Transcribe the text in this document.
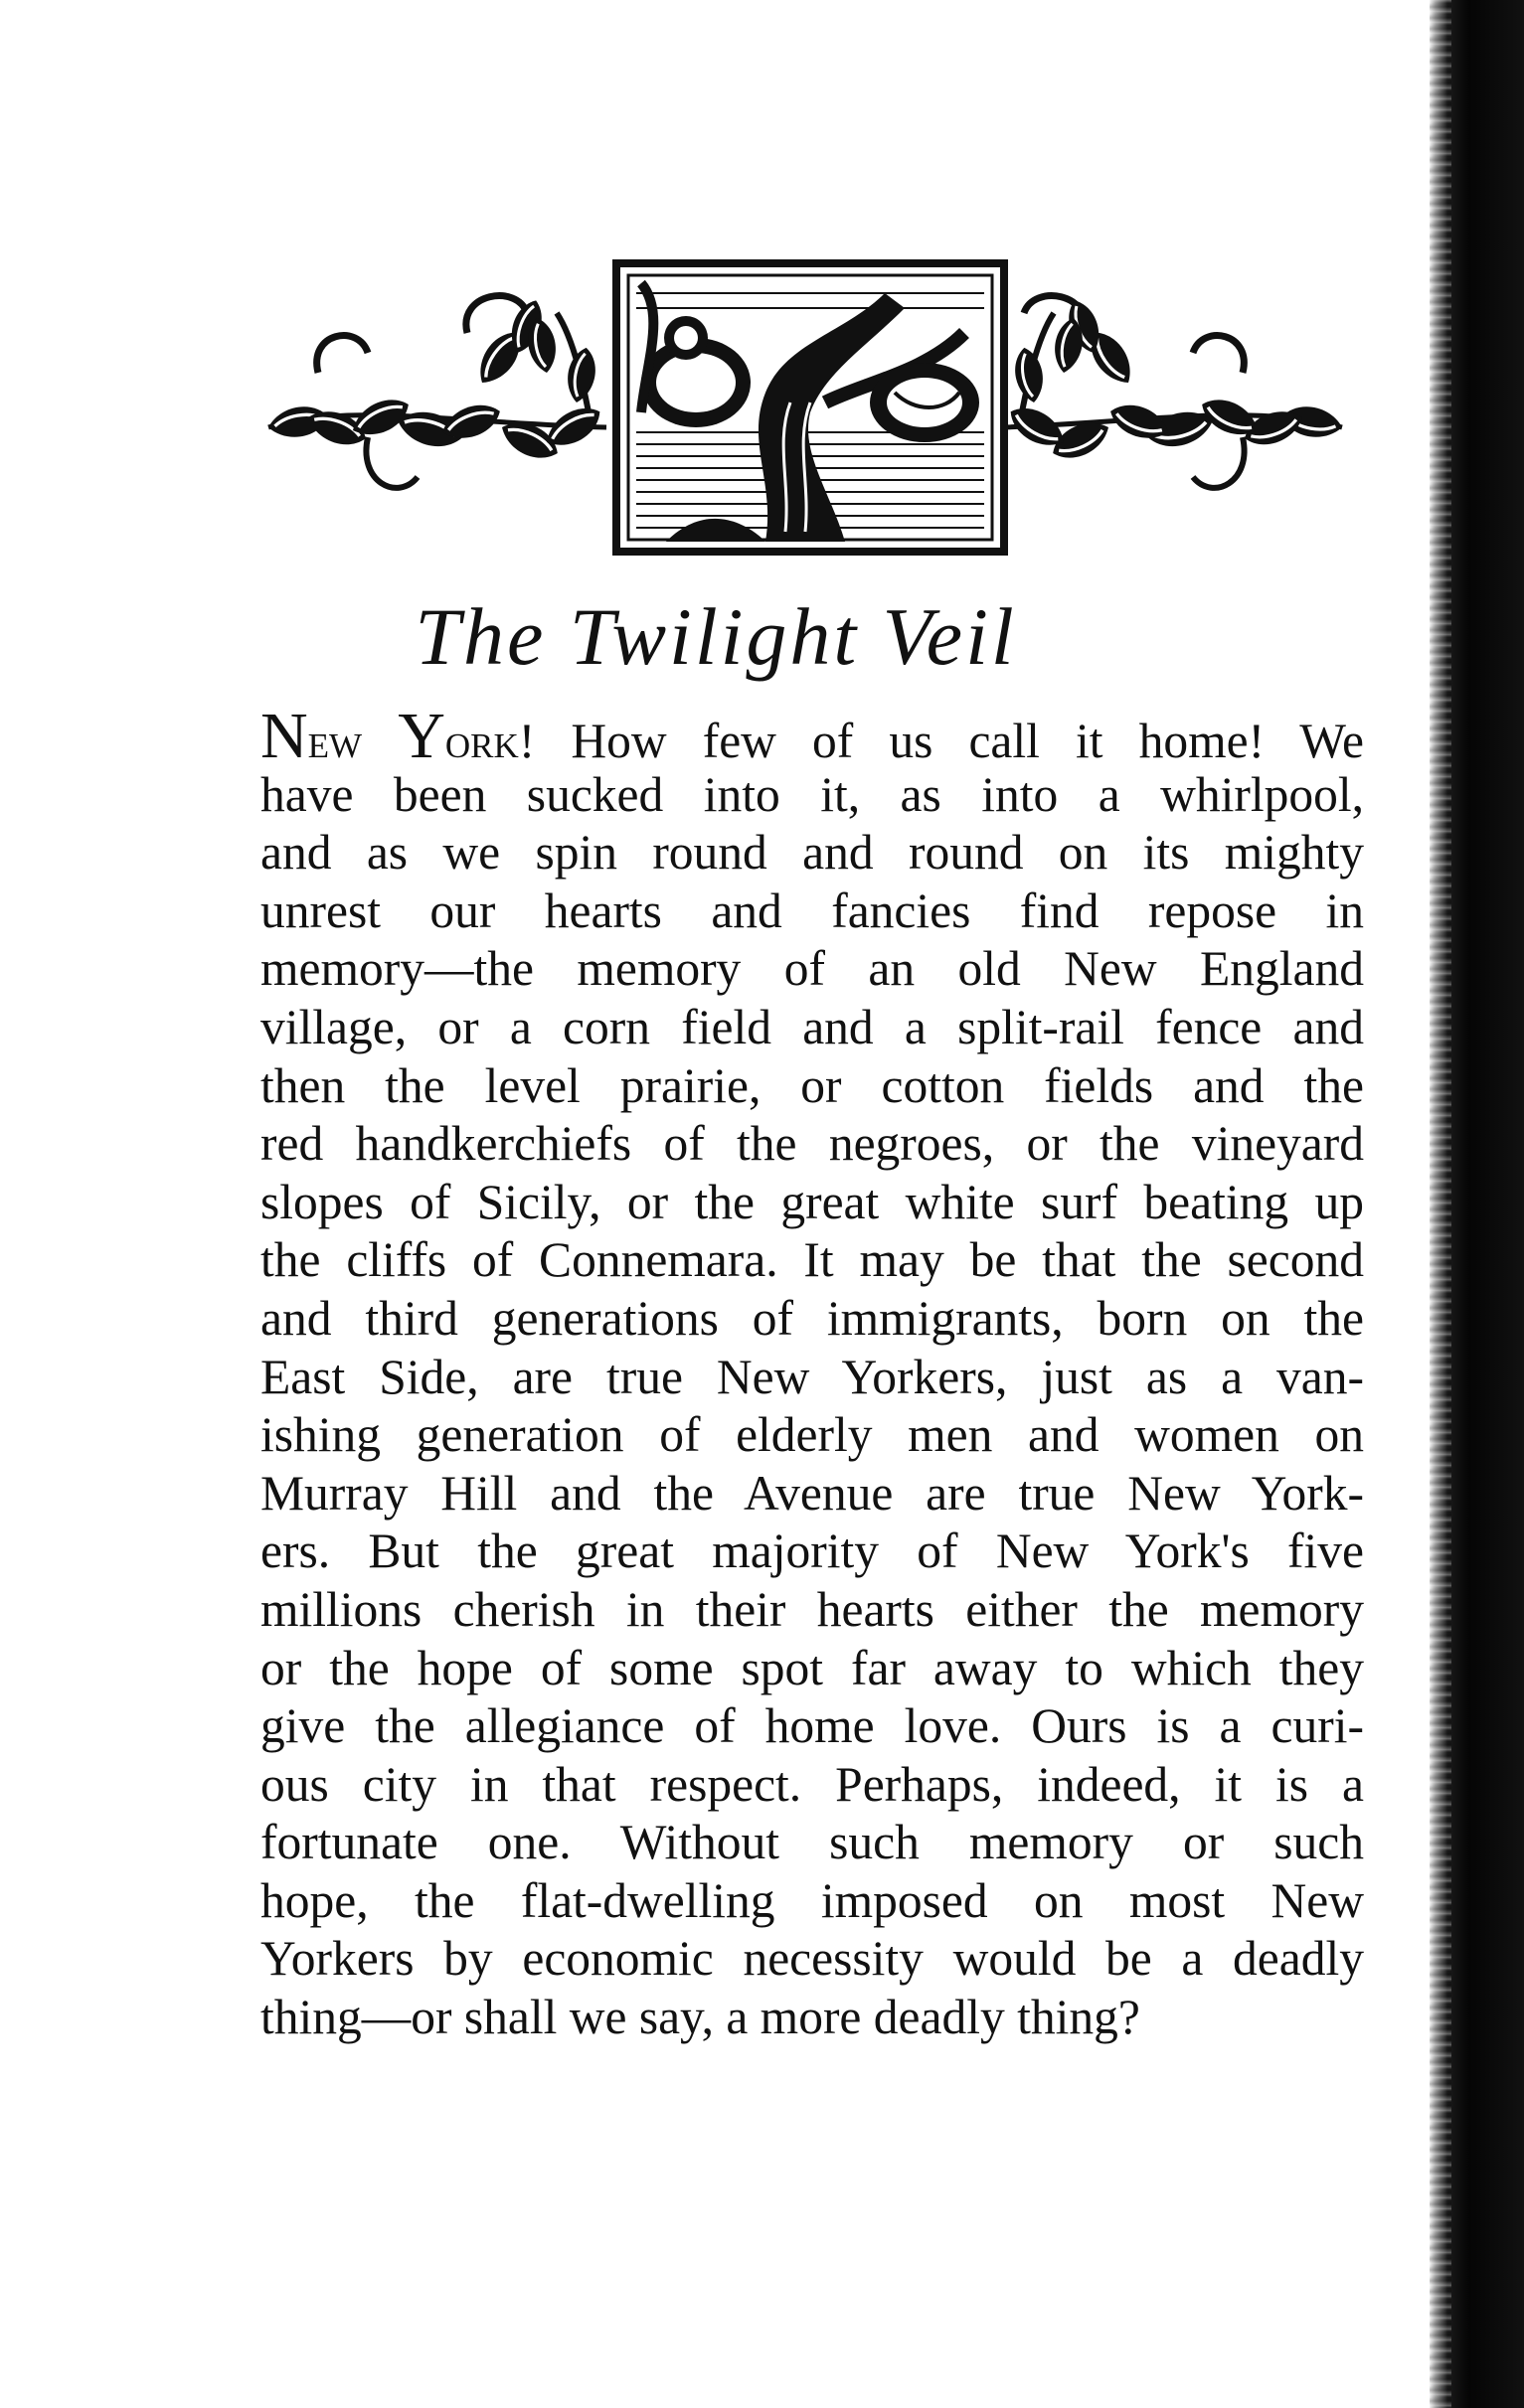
The Twilight Veil
New York! How few of us call it home! We
have been sucked into it, as into a whirlpool,
and as we spin round and round on its mighty
unrest our hearts and fancies find repose in
memory—the memory of an old New England
village, or a corn field and a split-rail fence and
then the level prairie, or cotton fields and the
red handkerchiefs of the negroes, or the vineyard
slopes of Sicily, or the great white surf beating up
the cliffs of Connemara. It may be that the second
and third generations of immigrants, born on the
East Side, are true New Yorkers, just as a van-
ishing generation of elderly men and women on
Murray Hill and the Avenue are true New York-
ers. But the great majority of New York's five
millions cherish in their hearts either the memory
or the hope of some spot far away to which they
give the allegiance of home love. Ours is a curi-
ous city in that respect. Perhaps, indeed, it is a
fortunate one. Without such memory or such
hope, the flat-dwelling imposed on most New
Yorkers by economic necessity would be a deadly
thing—or shall we say, a more deadly thing?
